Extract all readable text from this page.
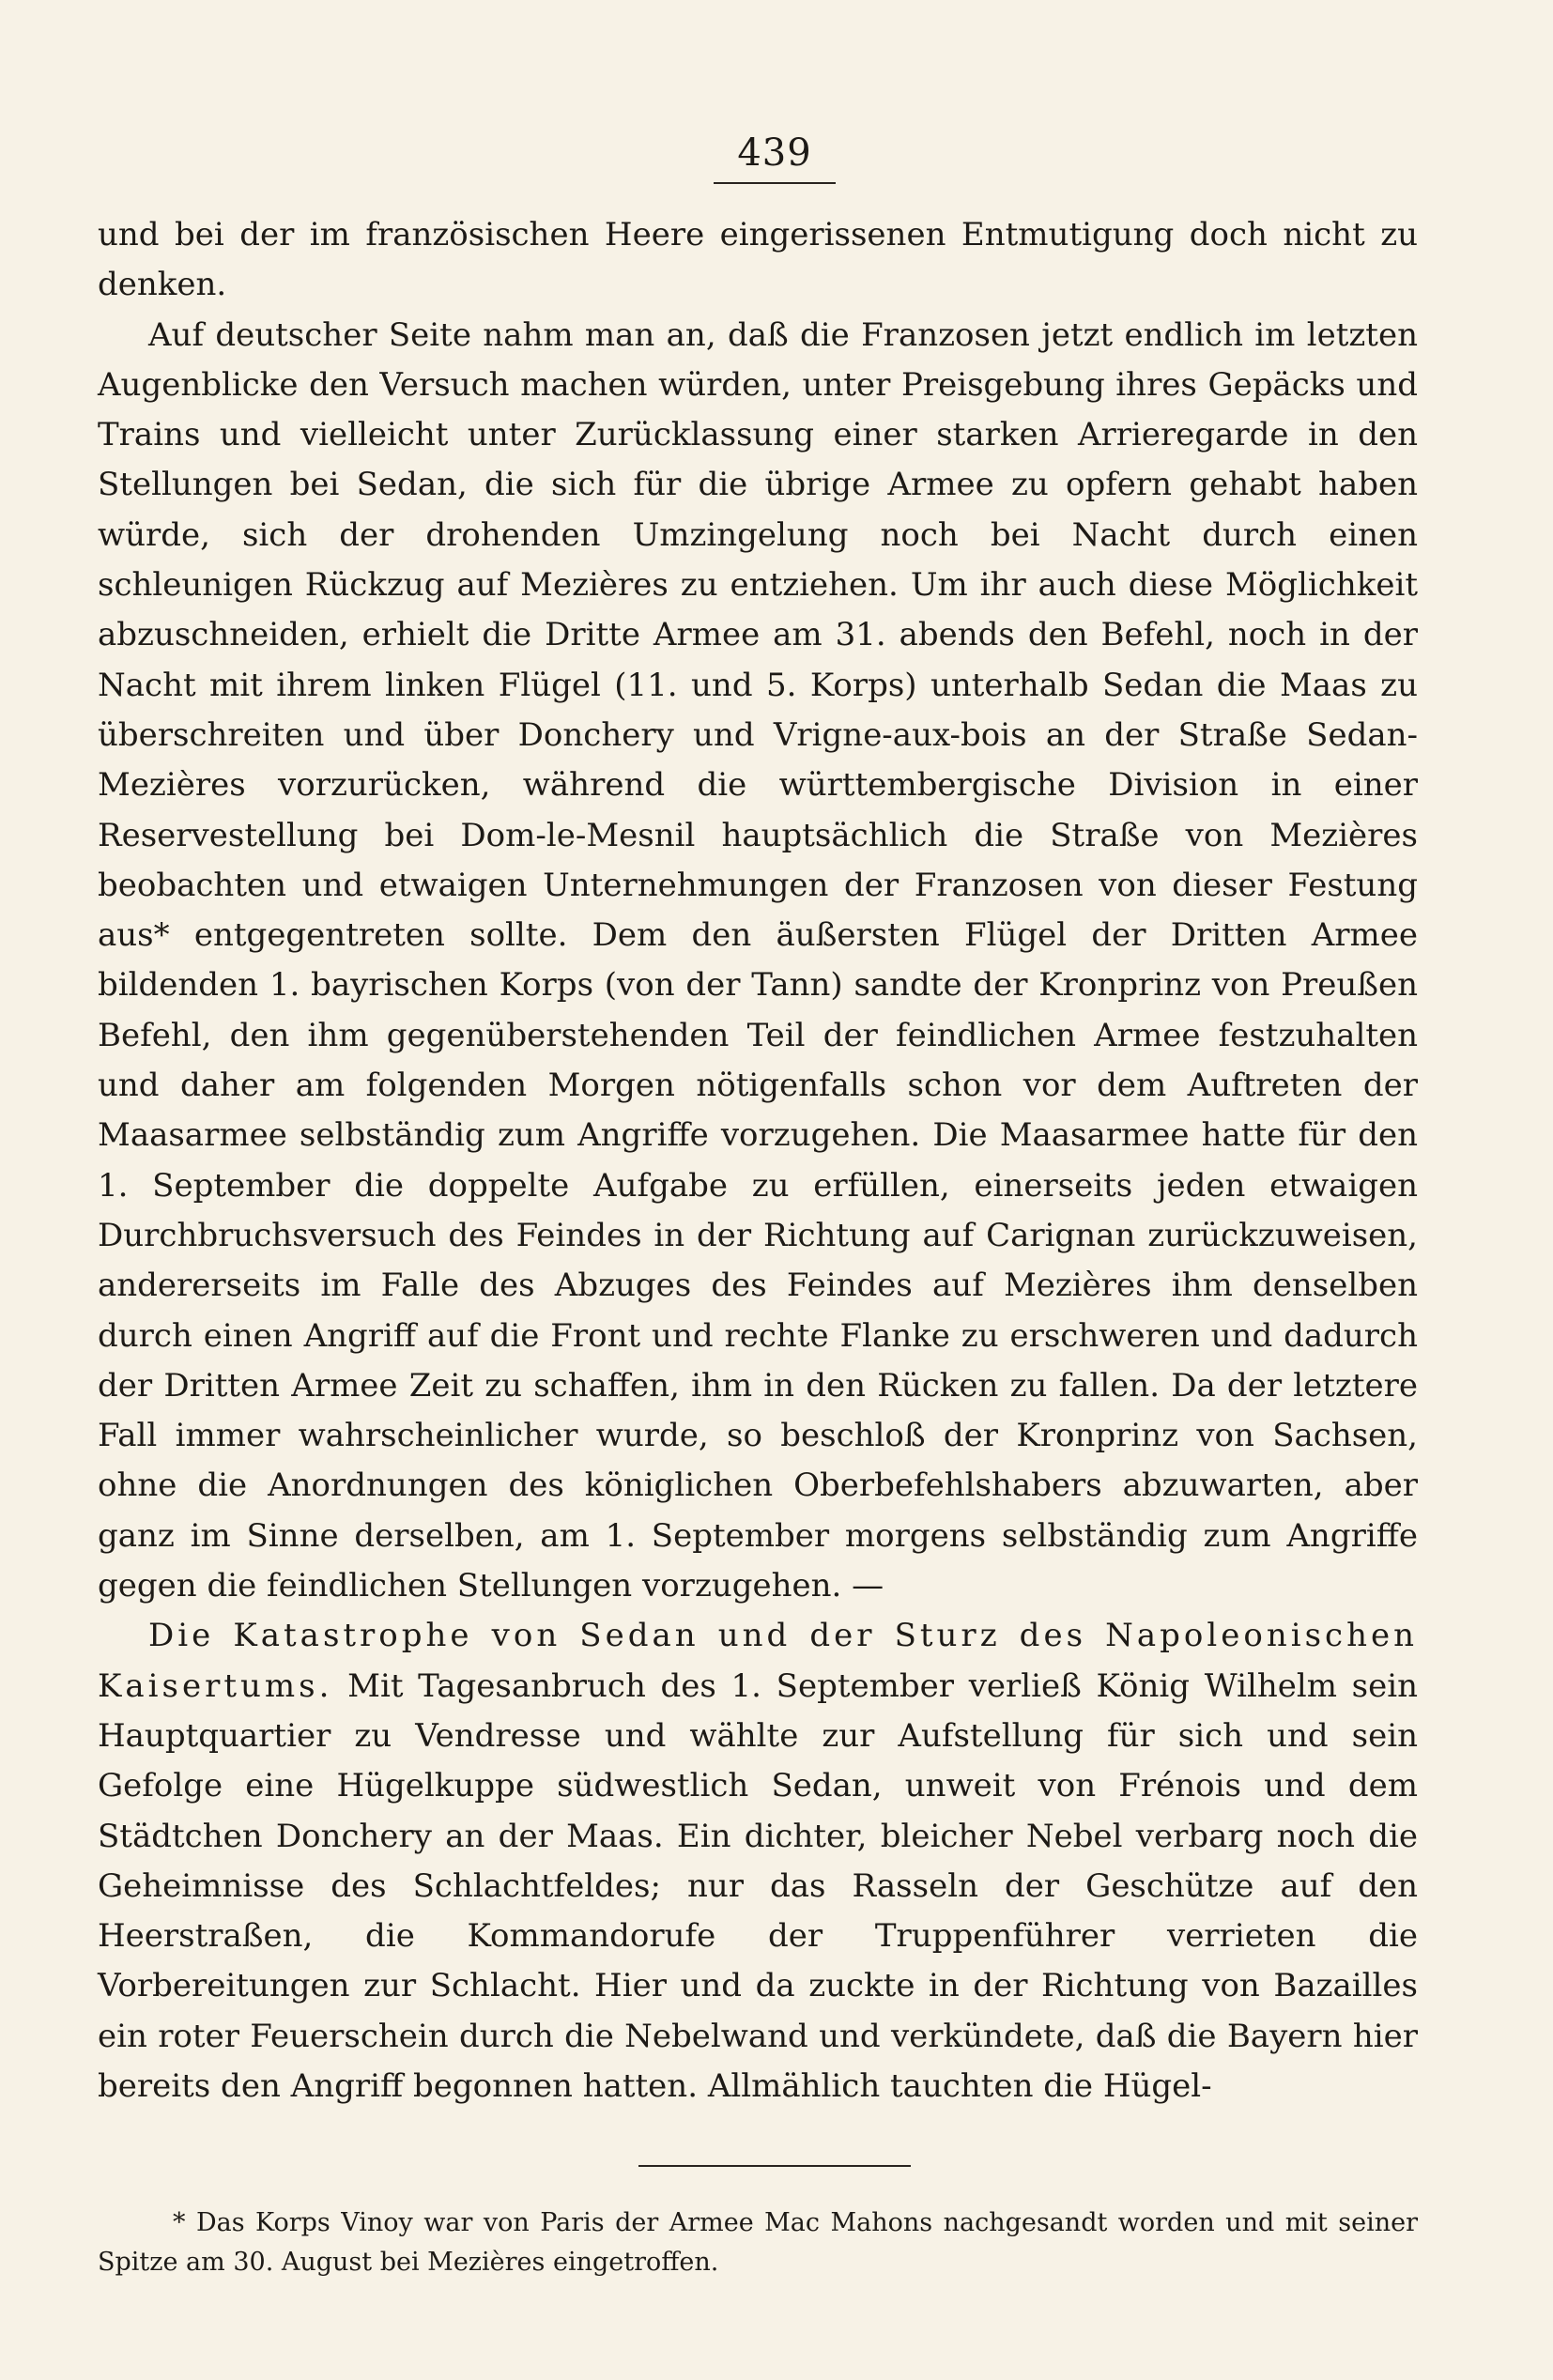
439

und bei der im französischen Heere eingerissenen Entmutigung doch nicht zu denken.

Auf deutscher Seite nahm man an, daß die Franzosen jetzt endlich im letzten Augenblicke den Versuch machen würden, unter Preisgebung ihres Gepäcks und Trains und vielleicht unter Zurücklassung einer starken Arrieregarde in den Stellungen bei Sedan, die sich für die übrige Armee zu opfern gehabt haben würde, sich der drohenden Umzingelung noch bei Nacht durch einen schleunigen Rückzug auf Mezières zu entziehen. Um ihr auch diese Möglichkeit abzuschneiden, erhielt die Dritte Armee am 31. abends den Befehl, noch in der Nacht mit ihrem linken Flügel (11. und 5. Korps) unterhalb Sedan die Maas zu überschreiten und über Donchery und Vrigne-aux-bois an der Straße Sedan-Mezières vorzurücken, während die württembergische Division in einer Reservestellung bei Dom-le-Mesnil hauptsächlich die Straße von Mezières beobachten und etwaigen Unternehmungen der Franzosen von dieser Festung aus* entgegentreten sollte. Dem den äußersten Flügel der Dritten Armee bildenden 1. bayrischen Korps (von der Tann) sandte der Kronprinz von Preußen Befehl, den ihm gegenüberstehenden Teil der feindlichen Armee festzuhalten und daher am folgenden Morgen nötigenfalls schon vor dem Auftreten der Maasarmee selbständig zum Angriffe vorzugehen. Die Maasarmee hatte für den 1. September die doppelte Aufgabe zu erfüllen, einerseits jeden etwaigen Durchbruchsversuch des Feindes in der Richtung auf Carignan zurückzuweisen, andererseits im Falle des Abzuges des Feindes auf Mezières ihm denselben durch einen Angriff auf die Front und rechte Flanke zu erschweren und dadurch der Dritten Armee Zeit zu schaffen, ihm in den Rücken zu fallen. Da der letztere Fall immer wahrscheinlicher wurde, so beschloß der Kronprinz von Sachsen, ohne die Anordnungen des königlichen Oberbefehlshabers abzuwarten, aber ganz im Sinne derselben, am 1. September morgens selbständig zum Angriffe gegen die feindlichen Stellungen vorzugehen. —

Die Katastrophe von Sedan und der Sturz des Napoleonischen Kaisertums. Mit Tagesanbruch des 1. September verließ König Wilhelm sein Hauptquartier zu Vendresse und wählte zur Aufstellung für sich und sein Gefolge eine Hügelkuppe südwestlich Sedan, unweit von Frénois und dem Städtchen Donchery an der Maas. Ein dichter, bleicher Nebel verbarg noch die Geheimnisse des Schlachtfeldes; nur das Rasseln der Geschütze auf den Heerstraßen, die Kommandorufe der Truppenführer verrieten die Vorbereitungen zur Schlacht. Hier und da zuckte in der Richtung von Bazailles ein roter Feuerschein durch die Nebelwand und verkündete, daß die Bayern hier bereits den Angriff begonnen hatten. Allmählich tauchten die Hügel-

* Das Korps Vinoy war von Paris der Armee Mac Mahons nachgesandt worden und mit seiner Spitze am 30. August bei Mezières eingetroffen.
